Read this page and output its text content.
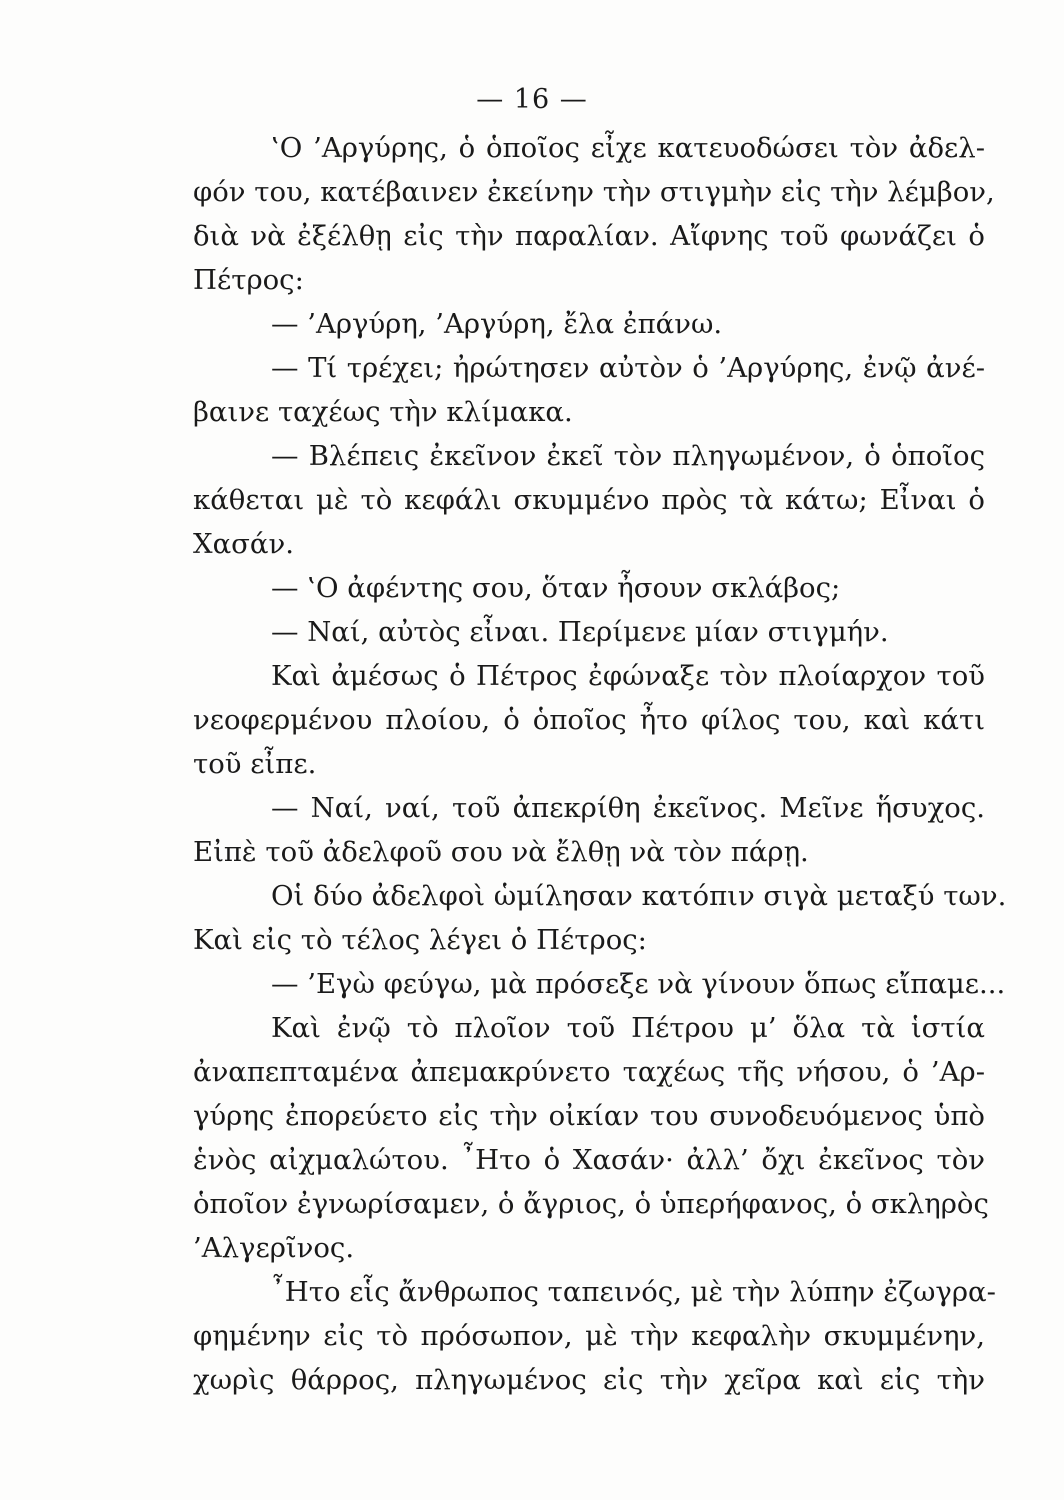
— 16 —
‛Ο ’Αργύρης, ὁ ὁποῖος εἶχε κατευοδώσει τὸν ἀδελ-
φόν του, κατέβαινεν ἐκείνην τὴν στιγμὴν εἰς τὴν λέμβον,
διὰ νὰ ἐξέλθῃ εἰς τὴν παραλίαν. Αἴφνης τοῦ φωνάζει ὁ
Πέτρος:
— ’Αργύρη, ’Αργύρη, ἔλα ἐπάνω.
— Τί τρέχει; ἠρώτησεν αὐτὸν ὁ ’Αργύρης, ἐνῷ ἀνέ-
βαινε ταχέως τὴν κλίμακα.
— Βλέπεις ἐκεῖνον ἐκεῖ τὸν πληγωμένον, ὁ ὁποῖος
κάθεται μὲ τὸ κεφάλι σκυμμένο πρὸς τὰ κάτω; Εἶναι ὁ
Χασάν.
— ‛Ο ἀφέντης σου, ὅταν ἦσουν σκλάβος;
— Ναί, αὐτὸς εἶναι. Περίμενε μίαν στιγμήν.
Καὶ ἀμέσως ὁ Πέτρος ἐφώναξε τὸν πλοίαρχον τοῦ
νεοφερμένου πλοίου, ὁ ὁποῖος ἦτο φίλος του, καὶ κάτι
τοῦ εἶπε.
— Ναί, ναί, τοῦ ἀπεκρίθη ἐκεῖνος. Μεῖνε ἥσυχος.
Εἰπὲ τοῦ ἀδελφοῦ σου νὰ ἔλθῃ νὰ τὸν πάρῃ.
Οἱ δύο ἀδελφοὶ ὡμίλησαν κατόπιν σιγὰ μεταξύ των.
Καὶ εἰς τὸ τέλος λέγει ὁ Πέτρος:
— ’Εγὼ φεύγω, μὰ πρόσεξε νὰ γίνουν ὅπως εἴπαμε...
Καὶ ἐνῷ τὸ πλοῖον τοῦ Πέτρου μ’ ὅλα τὰ ἱστία
ἀναπεπταμένα ἀπεμακρύνετο ταχέως τῆς νήσου, ὁ ’Αρ-
γύρης ἐπορεύετο εἰς τὴν οἰκίαν του συνοδευόμενος ὑπὸ
ἑνὸς αἰχμαλώτου. ῏Ητο ὁ Χασάν· ἀλλ’ ὄχι ἐκεῖνος τὸν
ὁποῖον ἐγνωρίσαμεν, ὁ ἄγριος, ὁ ὑπερήφανος, ὁ σκληρὸς
’Αλγερῖνος.
῏Ητο εἷς ἄνθρωπος ταπεινός, μὲ τὴν λύπην ἐζωγρα-
φημένην εἰς τὸ πρόσωπον, μὲ τὴν κεφαλὴν σκυμμένην,
χωρὶς θάρρος, πληγωμένος εἰς τὴν χεῖρα καὶ εἰς τὴν
